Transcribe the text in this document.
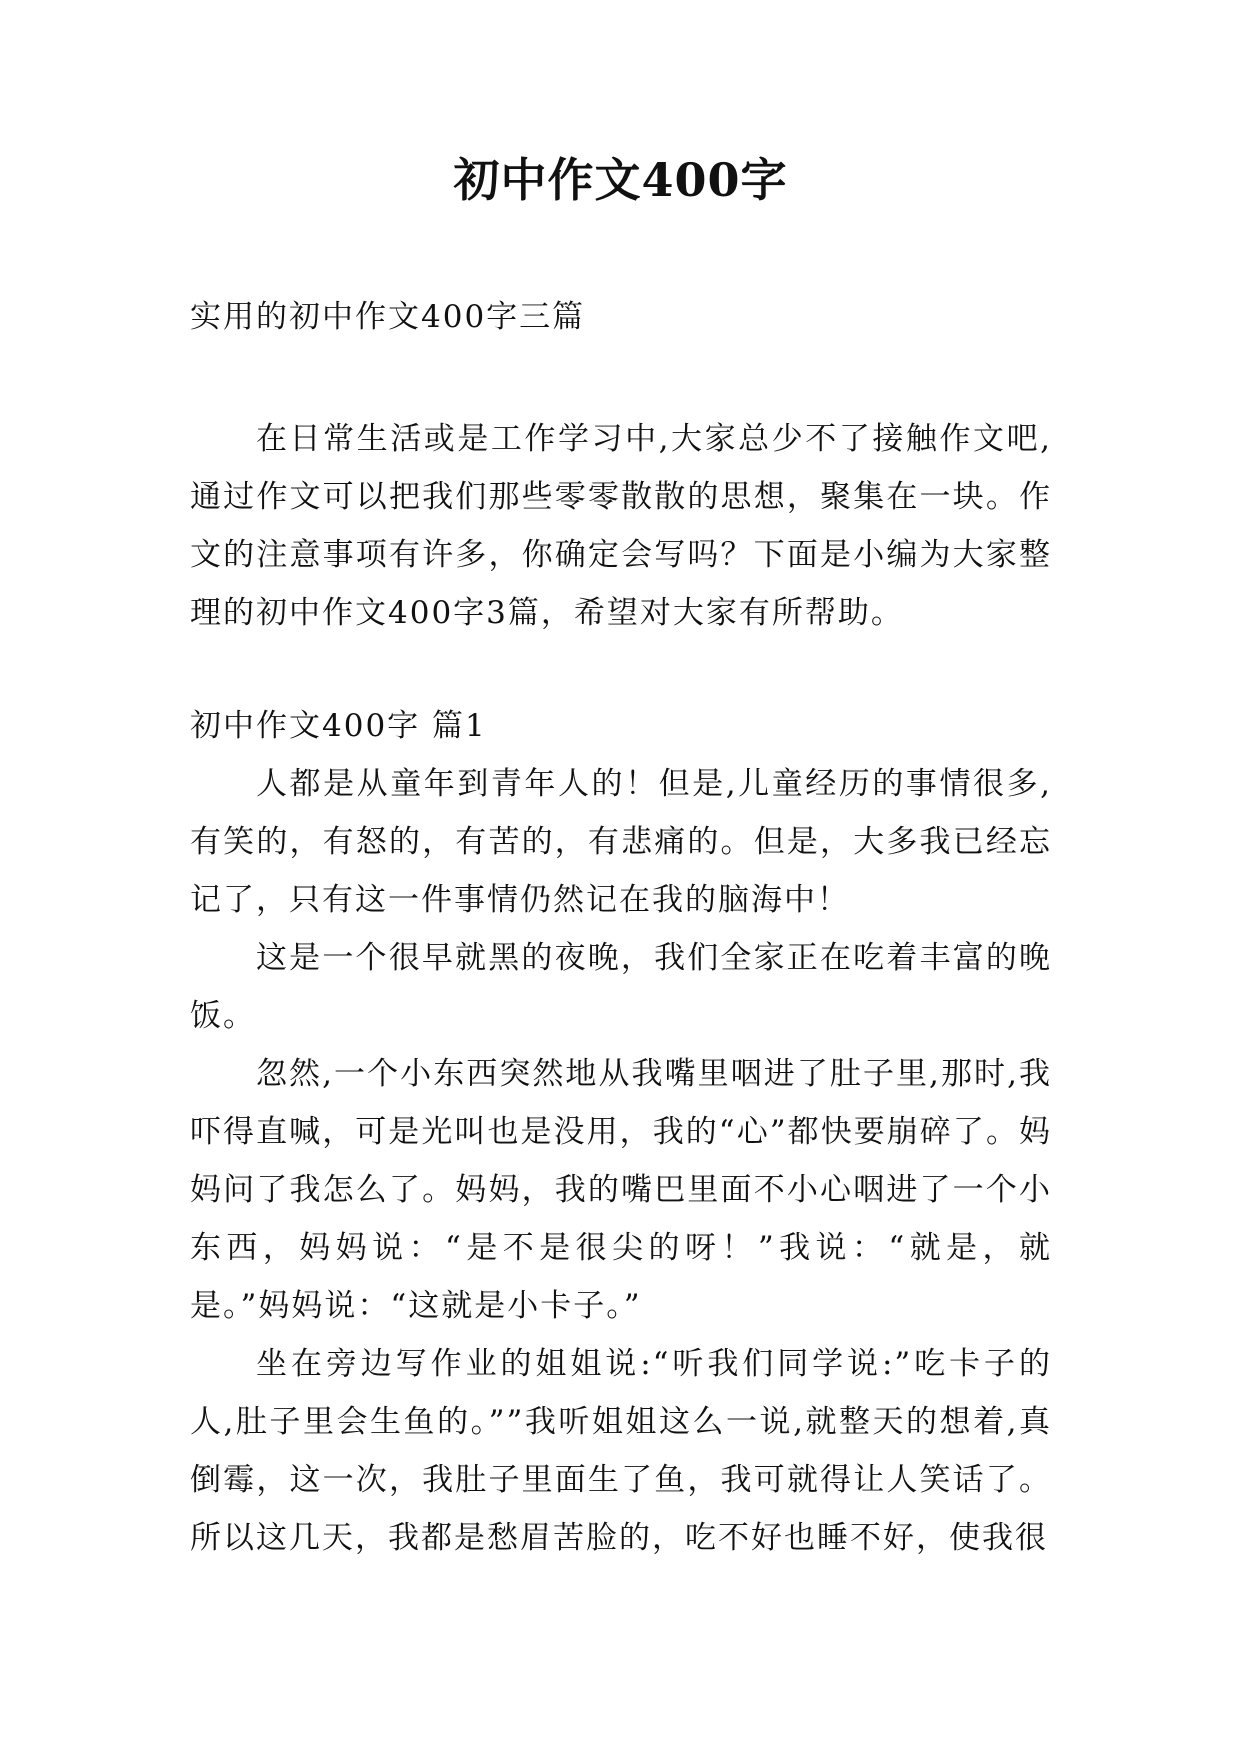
初中作文400字

实用的初中作文400字三篇

在日常生活或是工作学习中,大家总少不了接触作文吧,通过作文可以把我们那些零零散散的思想，聚集在一块。作文的注意事项有许多，你确定会写吗？下面是小编为大家整理的初中作文400字3篇，希望对大家有所帮助。

初中作文400字 篇1

人都是从童年到青年人的！但是,儿童经历的事情很多,有笑的，有怒的，有苦的，有悲痛的。但是，大多我已经忘记了，只有这一件事情仍然记在我的脑海中！

这是一个很早就黑的夜晚，我们全家正在吃着丰富的晚饭。

忽然,一个小东西突然地从我嘴里咽进了肚子里,那时,我吓得直喊，可是光叫也是没用，我的“心”都快要崩碎了。妈妈问了我怎么了。妈妈，我的嘴巴里面不小心咽进了一个小东西，妈妈说：“是不是很尖的呀！”我说：“就是，就是。”妈妈说：“这就是小卡子。”

坐在旁边写作业的姐姐说:“听我们同学说:”吃卡子的人,肚子里会生鱼的。””我听姐姐这么一说,就整天的想着,真倒霉，这一次，我肚子里面生了鱼，我可就得让人笑话了。所以这几天，我都是愁眉苦脸的，吃不好也睡不好，使我很
